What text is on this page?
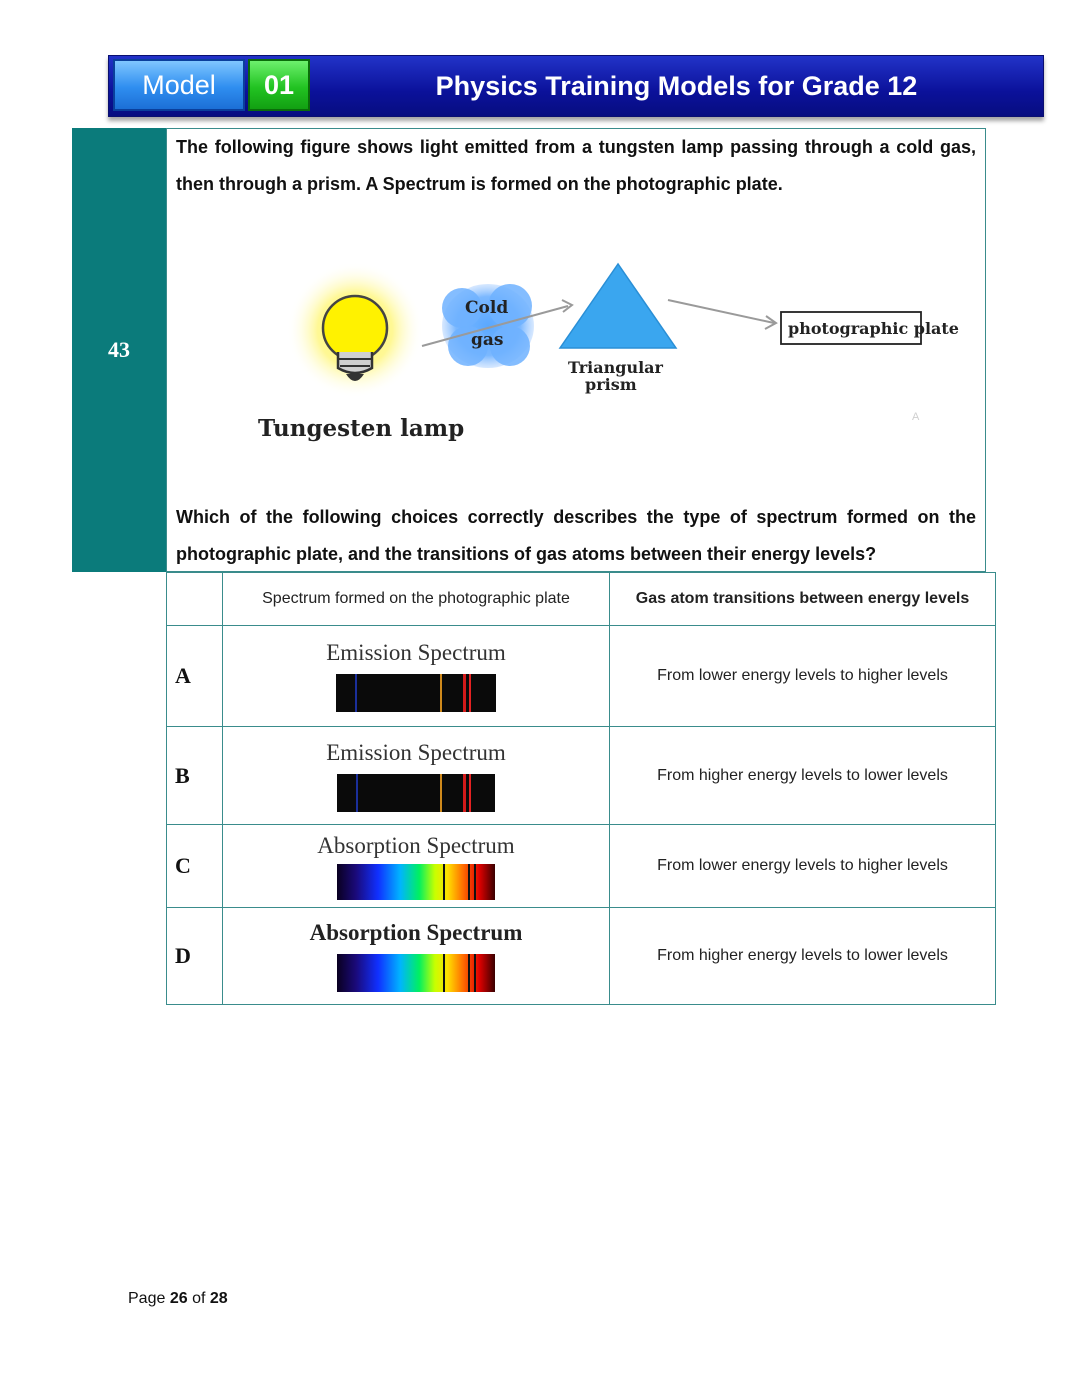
Model	01	Physics Training Models for Grade 12
43

The following figure shows light emitted from a tungsten lamp passing through a cold gas, then through a prism. A Spectrum is formed on the photographic plate.

Which of the following choices correctly describes the type of spectrum formed on the photographic plate, and the transitions of gas atoms between their energy levels?

Tungesten lamp
Cold
gas
Triangular
prism
photographic plate
A
	Spectrum formed on the photographic plate	Gas atom transitions between energy levels
A	Emission Spectrum	From lower energy levels to higher levels
B	Emission Spectrum	From higher energy levels to lower levels
C	Absorption Spectrum	From lower energy levels to higher levels
D	Absorption Spectrum	From higher energy levels to lower levels
Page 26 of 28
